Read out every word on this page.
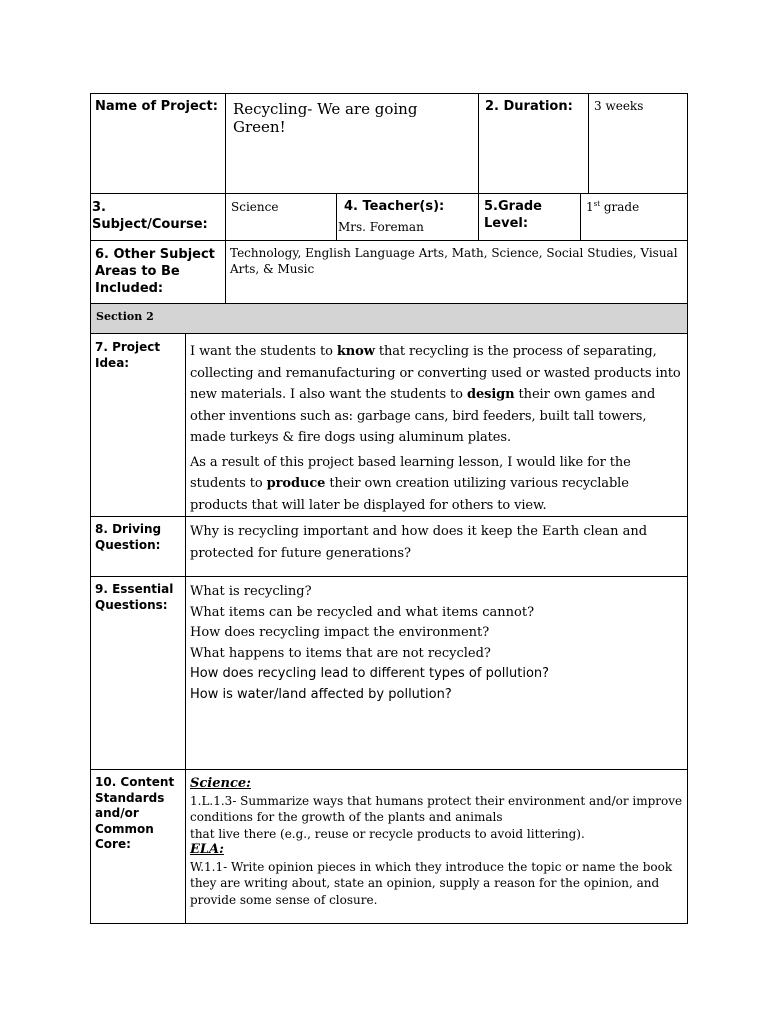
Name of Project: Recycling- We are going Green!
2. Duration: 3 weeks
3. Subject/Course:
Science	4. Teacher(s):
Mrs. Foreman
5.Grade Level:
1st grade
6. Other Subject Areas to Be Included:
Technology, English Language Arts, Math, Science, Social Studies, Visual Arts, & Music
Section 2
7. Project Idea:

I want the students to know that recycling is the process of separating, collecting and remanufacturing or converting used or wasted products into new materials. I also want the students to design their own games and other inventions such as: garbage cans, bird feeders, built tall towers, made turkeys & fire dogs using aluminum plates.

As a result of this project based learning lesson, I would like for the students to produce their own creation utilizing various recyclable products that will later be displayed for others to view.

8. Driving Question:
Why is recycling important and how does it keep the Earth clean and protected for future generations?
9. Essential Questions:

What is recycling?

What items can be recycled and what items cannot?

How does recycling impact the environment?

What happens to items that are not recycled?

How does recycling lead to different types of pollution?

How is water/land affected by pollution?

10. Content Standards and/or Common Core:
Science:

1.L.1.3- Summarize ways that humans protect their environment and/or improve conditions for the growth of the plants and animals

that live there (e.g., reuse or recycle products to avoid littering).

ELA:

W.1.1- Write opinion pieces in which they introduce the topic or name the book they are writing about, state an opinion, supply a reason for the opinion, and provide some sense of closure.
